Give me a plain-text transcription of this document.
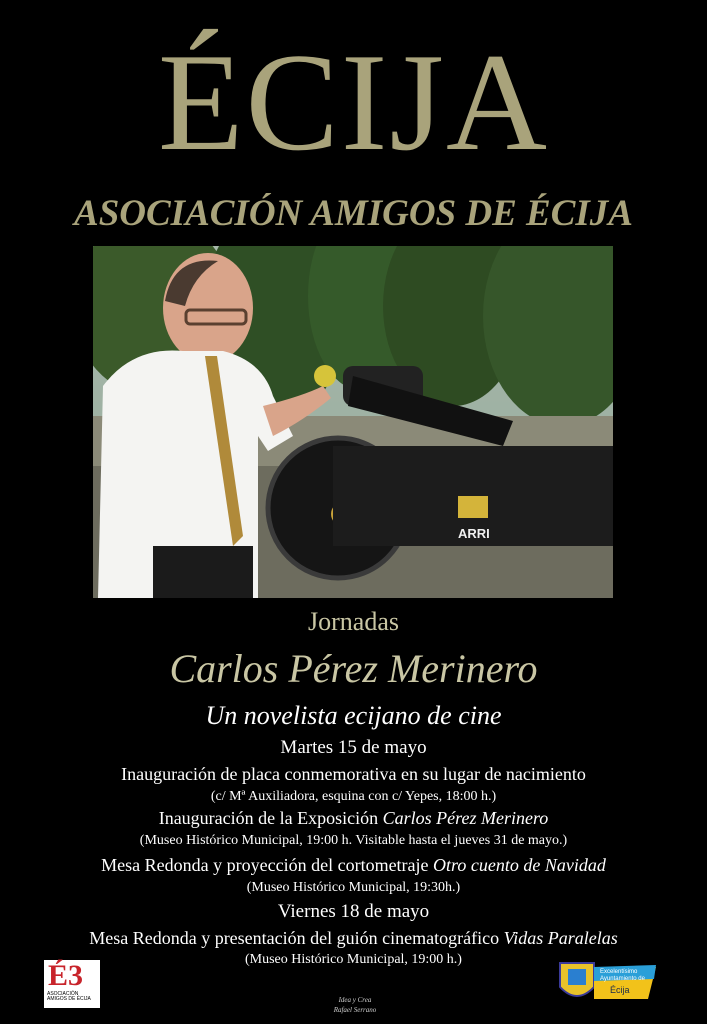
ÉCIJA
ASOCIACIÓN AMIGOS DE ÉCIJA
ARRI
Jornadas
Carlos Pérez Merinero
Un novelista ecijano de cine
Martes 15 de mayo
Inauguración de placa conmemorativa en su lugar de nacimiento
(c/ Mª Auxiliadora, esquina con c/ Yepes, 18:00 h.)
Inauguración de la Exposición Carlos Pérez Merinero
(Museo Histórico Municipal, 19:00 h. Visitable hasta el jueves 31 de mayo.)
Mesa Redonda y proyección del cortometraje Otro cuento de Navidad
(Museo Histórico Municipal, 19:30h.)
Viernes 18 de mayo
Mesa Redonda y presentación del guión cinematográfico Vidas Paralelas
(Museo Histórico Municipal, 19:00 h.)
É3
ASOCIACIÓN AMIGOS DE ÉCIJA	Idea y Crea
Rafael Serrano
Excelentísimo Ayuntamiento de
Écija
